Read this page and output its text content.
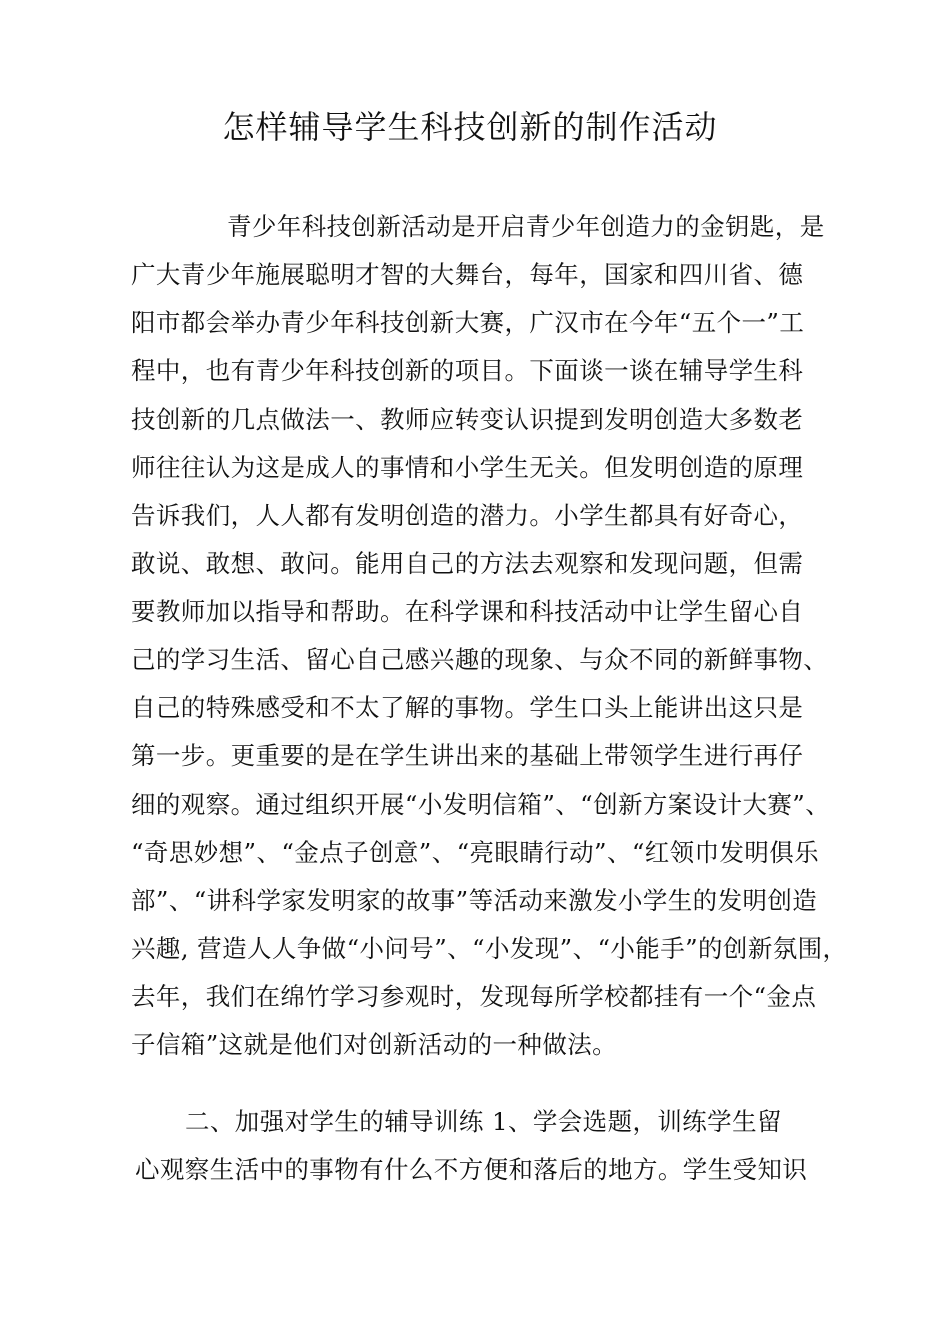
怎样辅导学生科技创新的制作活动
青少年科技创新活动是开启青少年创造力的金钥匙，是
广大青少年施展聪明才智的大舞台，每年，国家和四川省、德
阳市都会举办青少年科技创新大赛，广汉市在今年“五个一”工
程中，也有青少年科技创新的项目。下面谈一谈在辅导学生科
技创新的几点做法一、教师应转变认识提到发明创造大多数老
师往往认为这是成人的事情和小学生无关。但发明创造的原理
告诉我们，人人都有发明创造的潜力。小学生都具有好奇心，
敢说、敢想、敢问。能用自己的方法去观察和发现问题，但需
要教师加以指导和帮助。在科学课和科技活动中让学生留心自
己的学习生活、留心自己感兴趣的现象、与众不同的新鲜事物、
自己的特殊感受和不太了解的事物。学生口头上能讲出这只是
第一步。更重要的是在学生讲出来的基础上带领学生进行再仔
细的观察。通过组织开展“小发明信箱”、“创新方案设计大赛”、
“奇思妙想”、“金点子创意”、“亮眼睛行动”、“红领巾发明俱乐
部”、“讲科学家发明家的故事”等活动来激发小学生的发明创造
兴趣, 营造人人争做“小问号”、“小发现”、“小能手”的创新氛围，
去年，我们在绵竹学习参观时，发现每所学校都挂有一个“金点
子信箱”这就是他们对创新活动的一种做法。
二、加强对学生的辅导训练 1、学会选题，训练学生留
心观察生活中的事物有什么不方便和落后的地方。学生受知识
